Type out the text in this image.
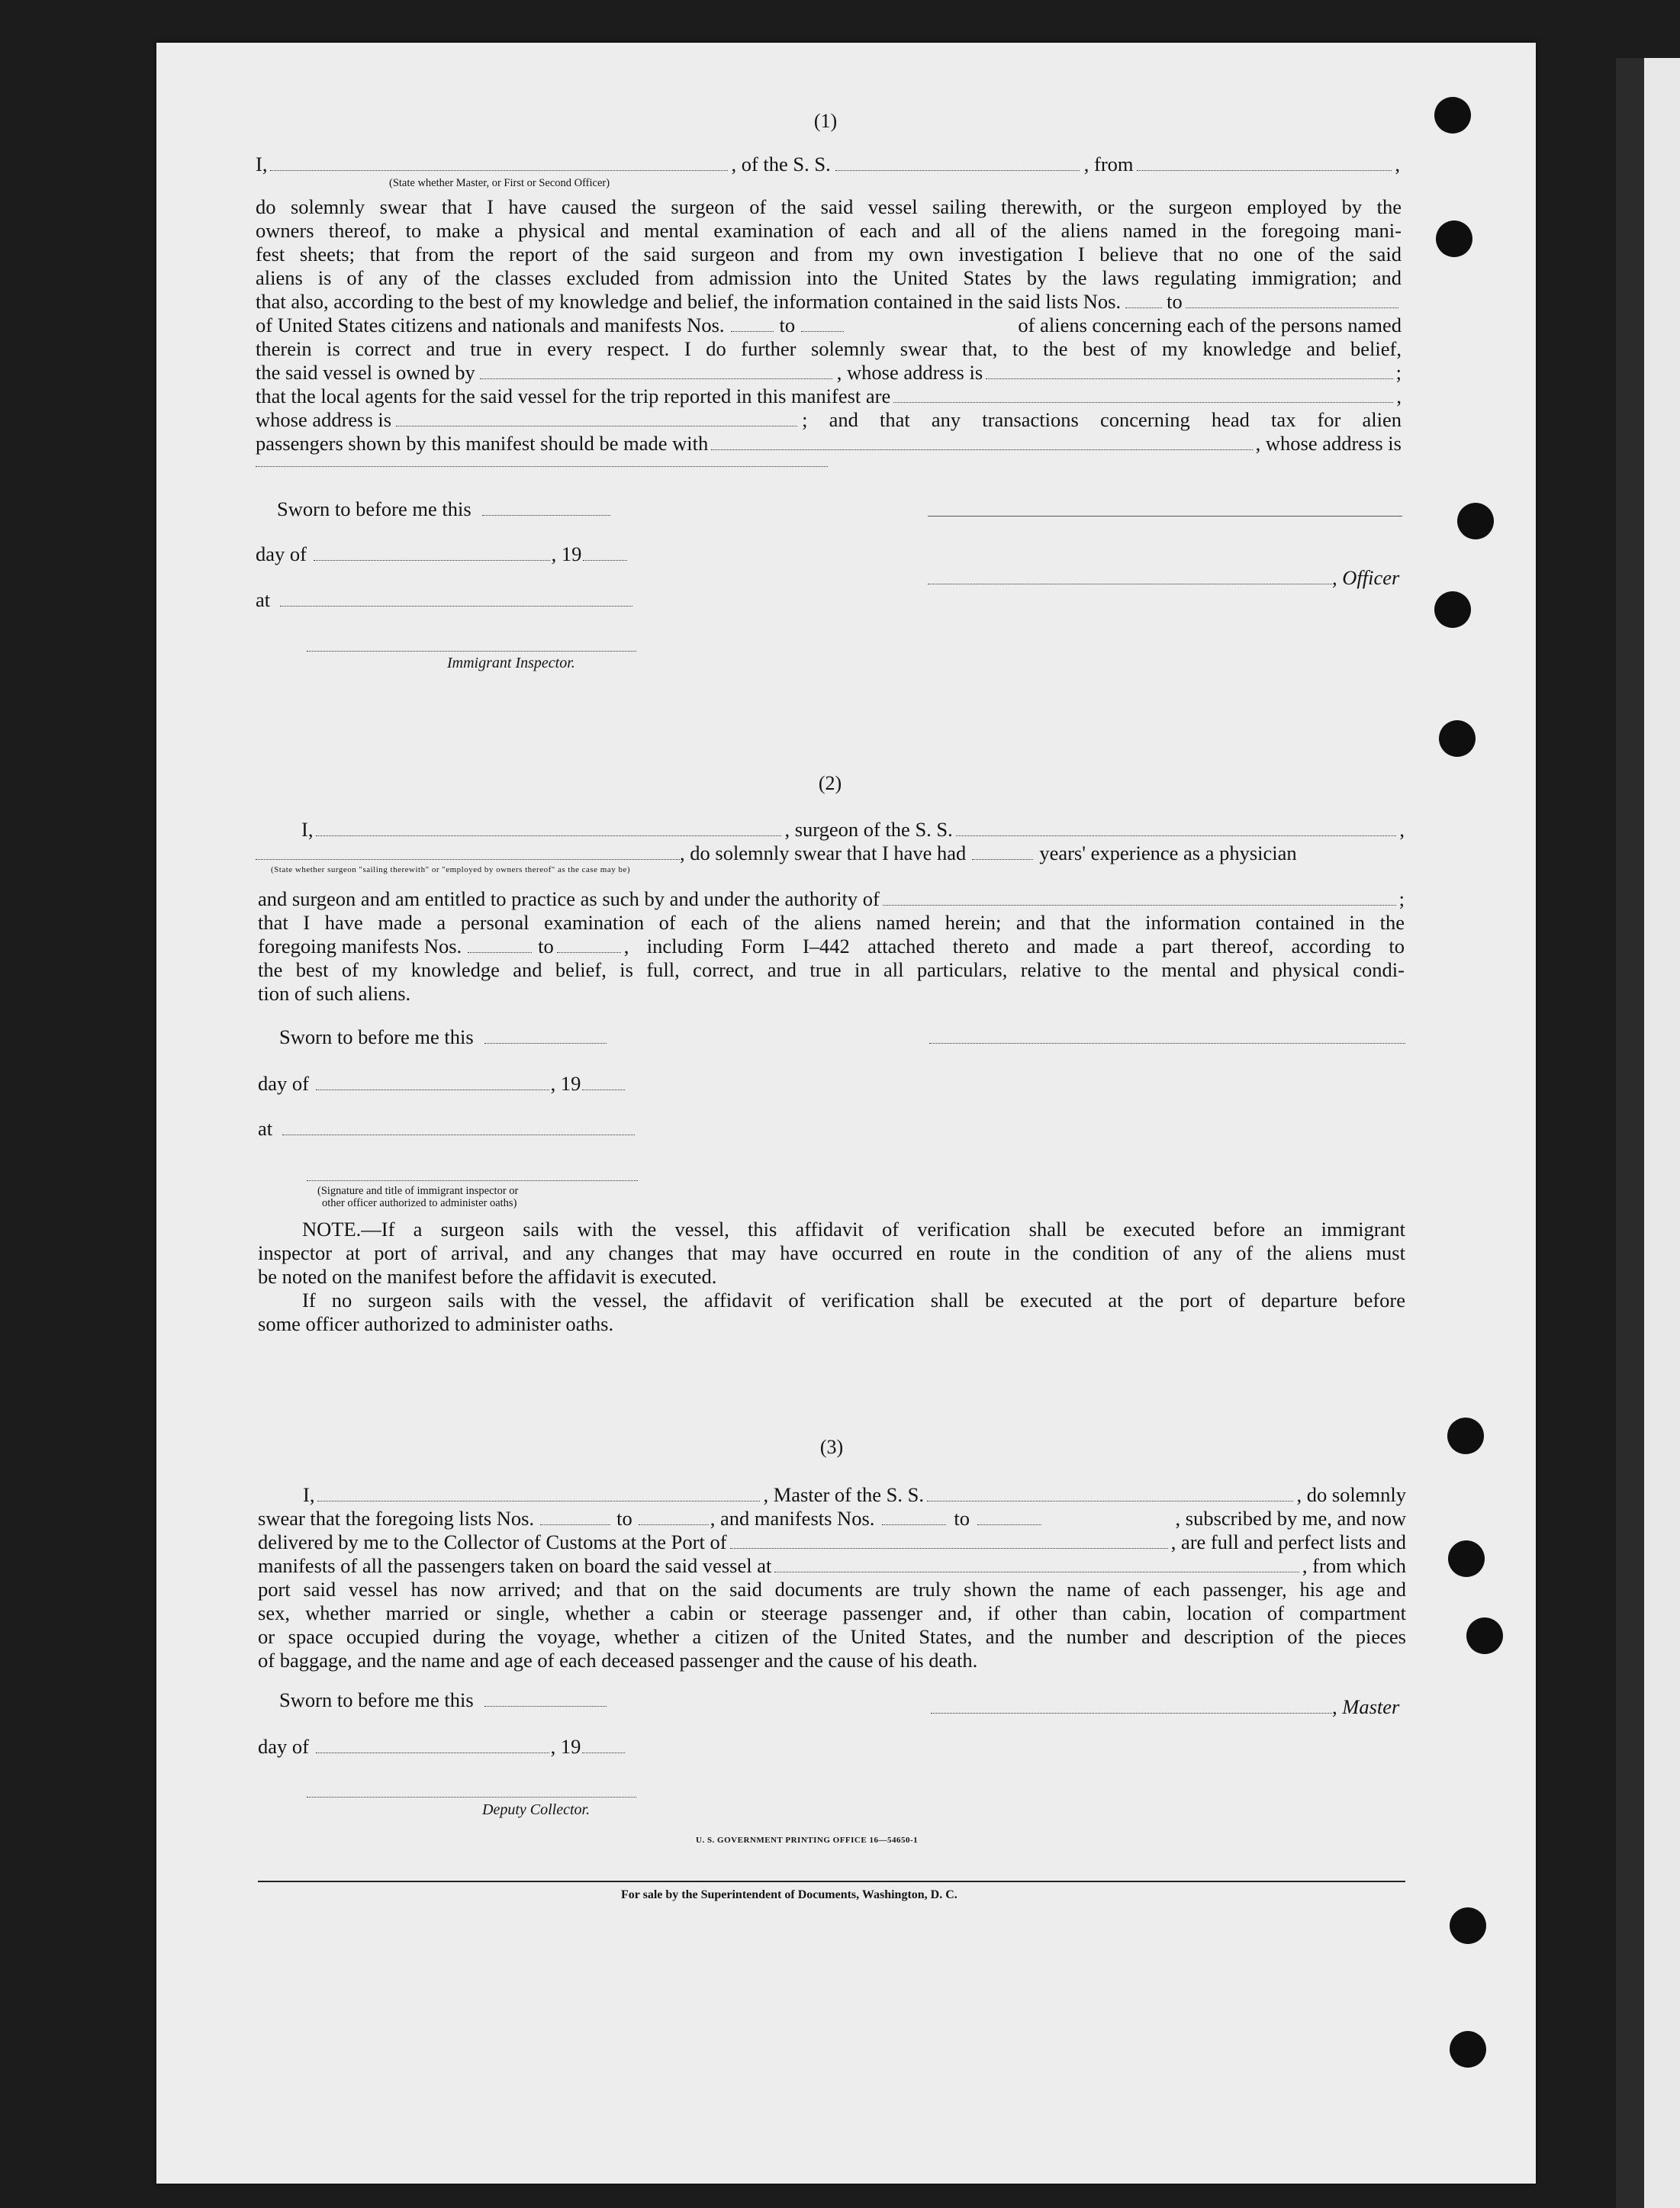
(1)
I,	, of the S. S.	, from	,
(State whether Master, or First or Second Officer)
do solemnly swear that I have caused the surgeon of the said vessel sailing therewith, or the surgeon employed by the
owners thereof, to make a physical and mental examination of each and all of the aliens named in the foregoing mani-
fest sheets; that from the report of the said surgeon and from my own investigation I believe that no one of the said
aliens is of any of the classes excluded from admission into the United States by the laws regulating immigration; and
that also, according to the best of my knowledge and belief, the information contained in the said lists Nos. to
of United States citizens and nationals and manifests Nos.	to	of aliens concerning each of the persons named
therein is correct and true in every respect. I do further solemnly swear that, to the best of my knowledge and belief,
the said vessel is owned by	, whose address is	;
that the local agents for the said vessel for the trip reported in this manifest are	,
whose address is	; and that any transactions concerning head tax for alien
passengers shown by this manifest should be made with	, whose address is
Sworn to before me this
day of	, 19
, Officer
at
Immigrant Inspector.
(2)
I,	, surgeon of the S. S.	,
, do solemnly swear that I have had	years' experience as a physician
(State whether surgeon "sailing therewith" or "employed by owners thereof" as the case may be)
and surgeon and am entitled to practice as such by and under the authority of	;
that I have made a personal examination of each of the aliens named herein; and that the information contained in the
foregoing manifests Nos.	to	, including Form I–442 attached thereto and made a part thereof, according to
the best of my knowledge and belief, is full, correct, and true in all particulars, relative to the mental and physical condi-
tion of such aliens.
Sworn to before me this
day of	, 19
at
(Signature and title of immigrant inspector or
other officer authorized to administer oaths)
NOTE.—If a surgeon sails with the vessel, this affidavit of verification shall be executed before an immigrant
inspector at port of arrival, and any changes that may have occurred en route in the condition of any of the aliens must
be noted on the manifest before the affidavit is executed.
If no surgeon sails with the vessel, the affidavit of verification shall be executed at the port of departure before
some officer authorized to administer oaths.
(3)
I,	, Master of the S. S.	, do solemnly
swear that the foregoing lists Nos.	to	, and manifests Nos.	to	, subscribed by me, and now
delivered by me to the Collector of Customs at the Port of	, are full and perfect lists and
manifests of all the passengers taken on board the said vessel at	, from which
port said vessel has now arrived; and that on the said documents are truly shown the name of each passenger, his age and
sex, whether married or single, whether a cabin or steerage passenger and, if other than cabin, location of compartment
or space occupied during the voyage, whether a citizen of the United States, and the number and description of the pieces
of baggage, and the name and age of each deceased passenger and the cause of his death.
Sworn to before me this	, Master
day of	, 19
Deputy Collector.
U. S. GOVERNMENT PRINTING OFFICE 16—54650-1
For sale by the Superintendent of Documents, Washington, D. C.
